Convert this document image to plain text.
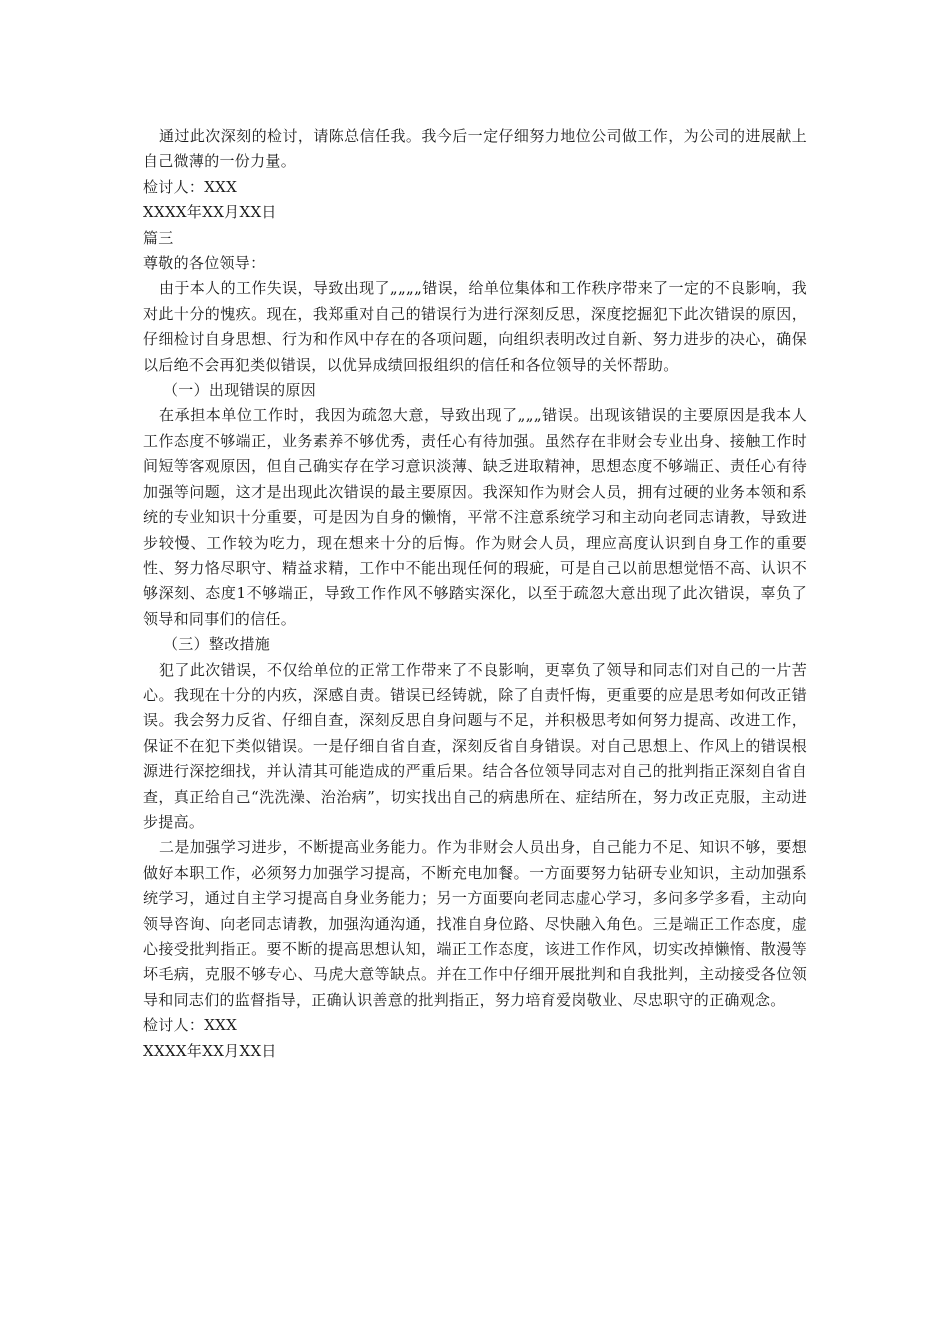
通过此次深刻的检讨，请陈总信任我。我今后一定仔细努力地位公司做工作，为公司的进展献上自己微薄的一份力量。

检讨人：XXX

XXXX年XX月XX日

篇三

尊敬的各位领导：

由于本人的工作失误，导致出现了„„„„错误，给单位集体和工作秩序带来了一定的不良影响，我对此十分的愧疚。现在，我郑重对自己的错误行为进行深刻反思，深度挖掘犯下此次错误的原因，仔细检讨自身思想、行为和作风中存在的各项问题，向组织表明改过自新、努力进步的决心，确保以后绝不会再犯类似错误，以优异成绩回报组织的信任和各位领导的关怀帮助。

（一）出现错误的原因

在承担本单位工作时，我因为疏忽大意，导致出现了„„„错误。出现该错误的主要原因是我本人工作态度不够端正，业务素养不够优秀，责任心有待加强。虽然存在非财会专业出身、接触工作时间短等客观原因，但自己确实存在学习意识淡薄、缺乏进取精神，思想态度不够端正、责任心有待加强等问题，这才是出现此次错误的最主要原因。我深知作为财会人员，拥有过硬的业务本领和系统的专业知识十分重要，可是因为自身的懒惰，平常不注意系统学习和主动向老同志请教，导致进步较慢、工作较为吃力，现在想来十分的后悔。作为财会人员，理应高度认识到自身工作的重要性、努力恪尽职守、精益求精，工作中不能出现任何的瑕疵，可是自己以前思想觉悟不高、认识不够深刻、态度1不够端正，导致工作作风不够踏实深化，以至于疏忽大意出现了此次错误，辜负了领导和同事们的信任。

（三）整改措施

犯了此次错误，不仅给单位的正常工作带来了不良影响，更辜负了领导和同志们对自己的一片苦心。我现在十分的内疚，深感自责。错误已经铸就，除了自责忏悔，更重要的应是思考如何改正错误。我会努力反省、仔细自查，深刻反思自身问题与不足，并积极思考如何努力提高、改进工作，保证不在犯下类似错误。一是仔细自省自查，深刻反省自身错误。对自己思想上、作风上的错误根源进行深挖细找，并认清其可能造成的严重后果。结合各位领导同志对自己的批判指正深刻自省自查，真正给自己“洗洗澡、治治病”，切实找出自己的病患所在、症结所在，努力改正克服，主动进步提高。

二是加强学习进步，不断提高业务能力。作为非财会人员出身，自己能力不足、知识不够，要想做好本职工作，必须努力加强学习提高，不断充电加餐。一方面要努力钻研专业知识，主动加强系统学习，通过自主学习提高自身业务能力；另一方面要向老同志虚心学习，多问多学多看，主动向领导咨询、向老同志请教，加强沟通沟通，找准自身位路、尽快融入角色。三是端正工作态度，虚心接受批判指正。要不断的提高思想认知，端正工作态度，该进工作作风，切实改掉懒惰、散漫等坏毛病，克服不够专心、马虎大意等缺点。并在工作中仔细开展批判和自我批判，主动接受各位领导和同志们的监督指导，正确认识善意的批判指正，努力培育爱岗敬业、尽忠职守的正确观念。

检讨人：XXX

XXXX年XX月XX日
